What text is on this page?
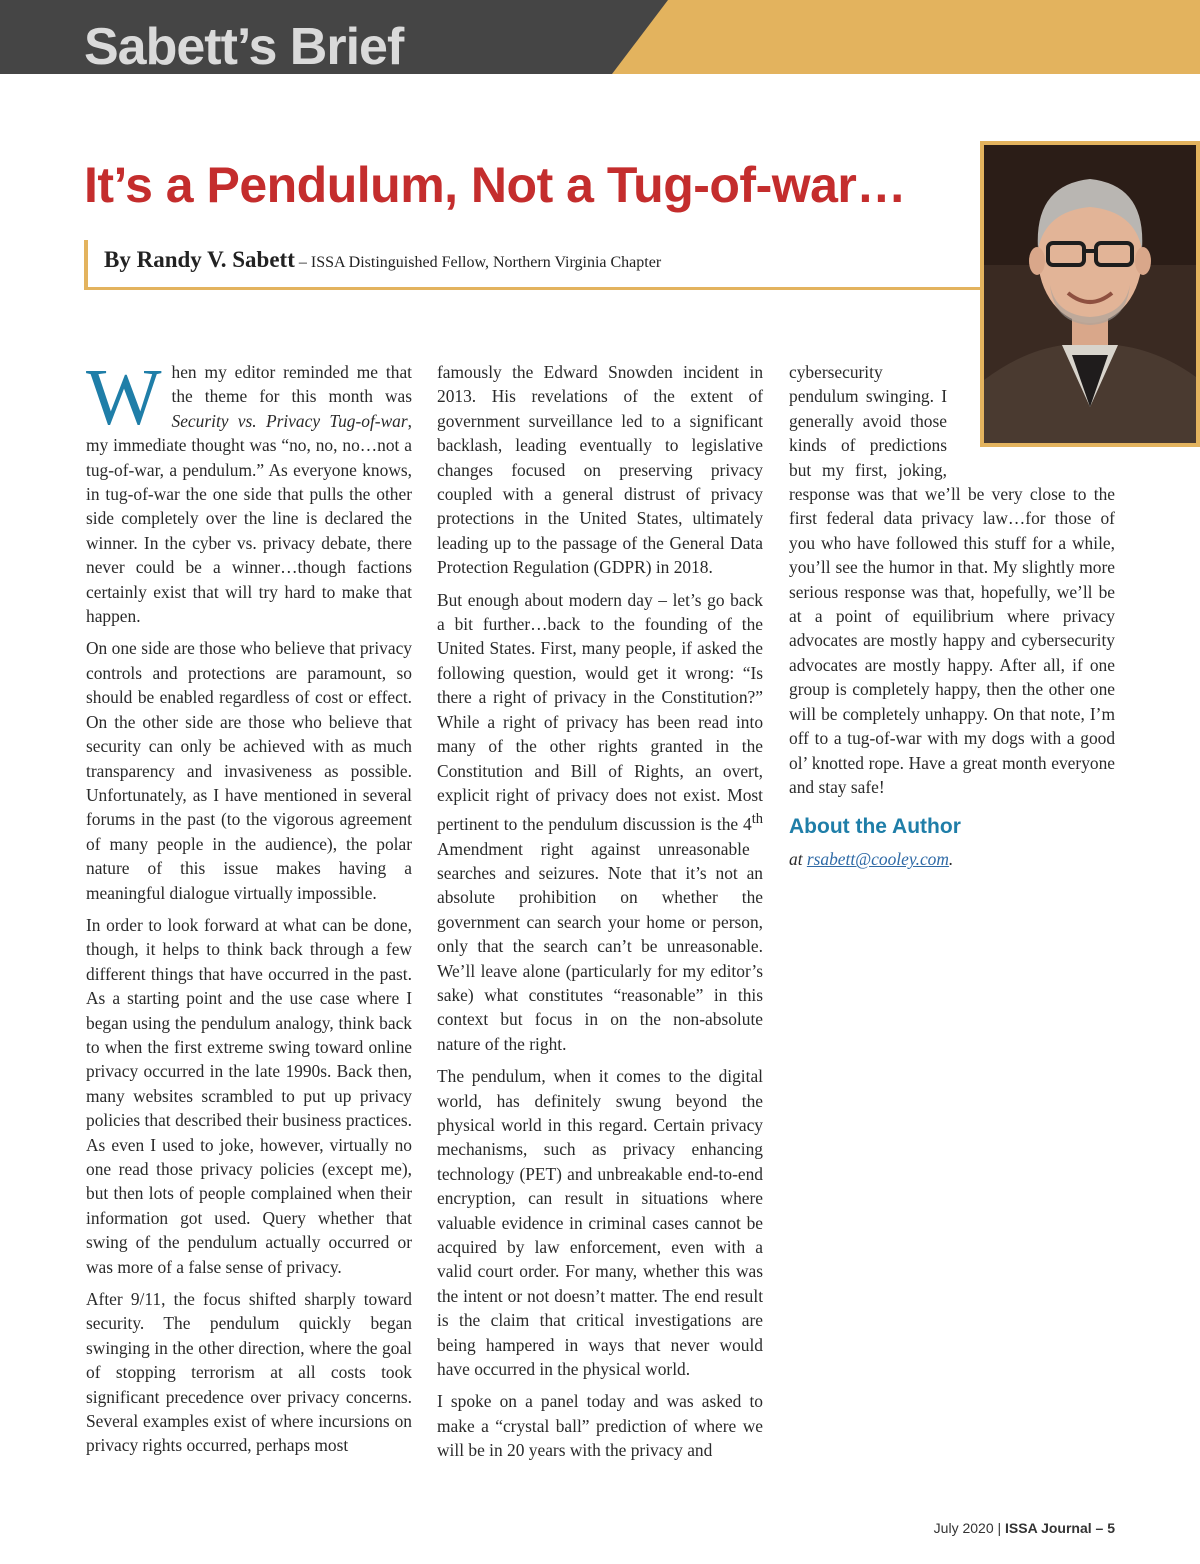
Sabett’s Brief
It’s a Pendulum, Not a Tug-of-war…
By Randy V. Sabett – ISSA Distinguished Fellow, Northern Virginia Chapter

When my editor reminded me that the theme for this month was Security vs. Privacy Tug-of-war, my immediate thought was “no, no, no…not a tug-of-war, a pendulum.” As everyone knows, in tug-of-war the one side that pulls the other side completely over the line is declared the winner. In the cyber vs. privacy debate, there never could be a winner…though factions certainly exist that will try hard to make that happen.

On one side are those who believe that privacy controls and protections are paramount, so should be enabled regardless of cost or effect. On the other side are those who believe that security can only be achieved with as much transparency and invasiveness as possible. Unfortunately, as I have mentioned in several forums in the past (to the vigorous agreement of many people in the audience), the polar nature of this issue makes having a meaningful dialogue virtually impossible.

In order to look forward at what can be done, though, it helps to think back through a few different things that have occurred in the past. As a starting point and the use case where I began using the pendulum analogy, think back to when the first extreme swing toward online privacy occurred in the late 1990s. Back then, many websites scrambled to put up privacy policies that described their business practices. As even I used to joke, however, virtually no one read those privacy policies (except me), but then lots of people complained when their information got used. Query whether that swing of the pendulum actually occurred or was more of a false sense of privacy.

After 9/11, the focus shifted sharply toward security. The pendulum quickly began swinging in the other direction, where the goal of stopping terrorism at all costs took significant precedence over privacy concerns. Several examples exist of where incursions on privacy rights occurred, perhaps most

famously the Edward Snowden incident in 2013. His revelations of the extent of government surveillance led to a significant backlash, leading eventually to legislative changes focused on preserving privacy coupled with a general distrust of privacy protections in the United States, ultimately leading up to the passage of the General Data Protection Regulation (GDPR) in 2018.

But enough about modern day – let’s go back a bit further…back to the founding of the United States. First, many people, if asked the following question, would get it wrong: “Is there a right of privacy in the Constitution?” While a right of privacy has been read into many of the other rights granted in the Constitution and Bill of Rights, an overt, explicit right of privacy does not exist. Most pertinent to the pendulum discussion is the 4th Amendment right against unreasonable searches and seizures. Note that it’s not an absolute prohibition on whether the government can search your home or person, only that the search can’t be unreasonable. We’ll leave alone (particularly for my editor’s sake) what constitutes “reasonable” in this context but focus in on the non-absolute nature of the right.

The pendulum, when it comes to the digital world, has definitely swung beyond the physical world in this regard. Certain privacy mechanisms, such as privacy enhancing technology (PET) and unbreakable end-to-end encryption, can result in situations where valuable evidence in criminal cases cannot be acquired by law enforcement, even with a valid court order. For many, whether this was the intent or not doesn’t matter. The end result is the claim that critical investigations are being hampered in ways that never would have occurred in the physical world.

I spoke on a panel today and was asked to make a “crystal ball” prediction of where we will be in 20 years with the privacy and

cybersecurity pendulum swinging. I generally avoid those kinds of predictions but my first, joking, response was that we’ll be very close to the first federal data privacy law…for those of you who have followed this stuff for a while, you’ll see the humor in that. My slightly more serious response was that, hopefully, we’ll be at a point of equilibrium where privacy advocates are mostly happy and cybersecurity advocates are mostly happy. After all, if one group is completely happy, then the other one will be completely unhappy. On that note, I’m off to a tug-of-war with my dogs with a good ol’ knotted rope. Have a great month everyone and stay safe!

About the Author

at rsabett@cooley.com.

July 2020 | ISSA Journal – 5
